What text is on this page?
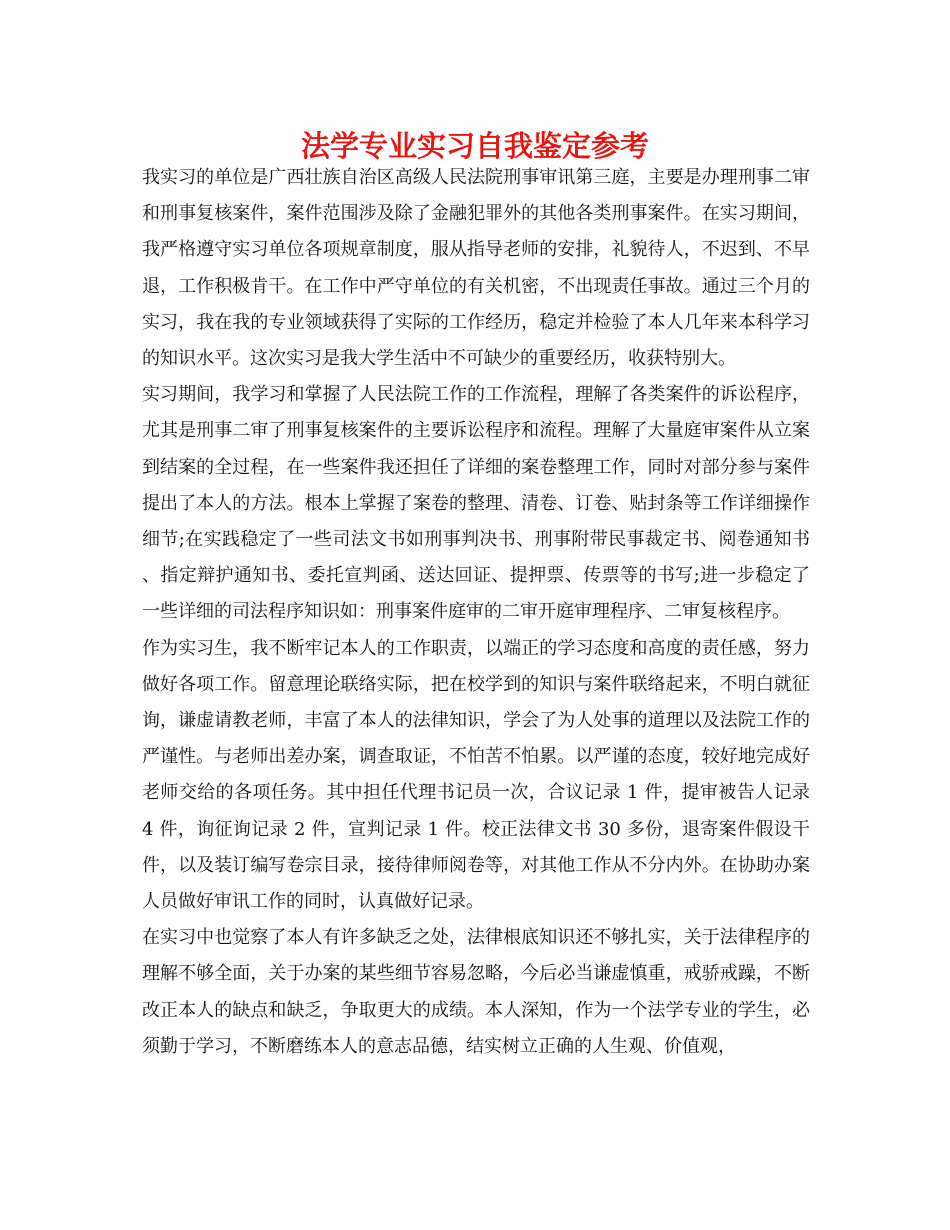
法学专业实习自我鉴定参考

我实习的单位是广西壮族自治区高级人民法院刑事审讯第三庭，主要是办理刑事二审和刑事复核案件，案件范围涉及除了金融犯罪外的其他各类刑事案件。在实习期间，我严格遵守实习单位各项规章制度，服从指导老师的安排，礼貌待人，不迟到、不早退，工作积极肯干。在工作中严守单位的有关机密，不出现责任事故。通过三个月的实习，我在我的专业领域获得了实际的工作经历，稳定并检验了本人几年来本科学习的知识水平。这次实习是我大学生活中不可缺少的重要经历，收获特别大。

实习期间，我学习和掌握了人民法院工作的工作流程，理解了各类案件的诉讼程序，尤其是刑事二审了刑事复核案件的主要诉讼程序和流程。理解了大量庭审案件从立案到结案的全过程，在一些案件我还担任了详细的案卷整理工作，同时对部分参与案件提出了本人的方法。根本上掌握了案卷的整理、清卷、订卷、贴封条等工作详细操作细节;在实践稳定了一些司法文书如刑事判决书、刑事附带民事裁定书、阅卷通知书、指定辩护通知书、委托宣判函、送达回证、提押票、传票等的书写;进一步稳定了一些详细的司法程序知识如：刑事案件庭审的二审开庭审理程序、二审复核程序。

作为实习生，我不断牢记本人的工作职责，以端正的学习态度和高度的责任感，努力做好各项工作。留意理论联络实际，把在校学到的知识与案件联络起来，不明白就征询，谦虚请教老师，丰富了本人的法律知识，学会了为人处事的道理以及法院工作的严谨性。与老师出差办案，调查取证，不怕苦不怕累。以严谨的态度，较好地完成好老师交给的各项任务。其中担任代理书记员一次，合议记录 1 件，提审被告人记录 4 件，询征询记录 2 件，宣判记录 1 件。校正法律文书 30 多份，退寄案件假设干件，以及装订编写卷宗目录，接待律师阅卷等，对其他工作从不分内外。在协助办案人员做好审讯工作的同时，认真做好记录。

在实习中也觉察了本人有许多缺乏之处，法律根底知识还不够扎实，关于法律程序的理解不够全面，关于办案的某些细节容易忽略，今后必当谦虚慎重，戒骄戒躁，不断改正本人的缺点和缺乏，争取更大的成绩。本人深知，作为一个法学专业的学生，必须勤于学习，不断磨练本人的意志品德，结实树立正确的人生观、价值观，
